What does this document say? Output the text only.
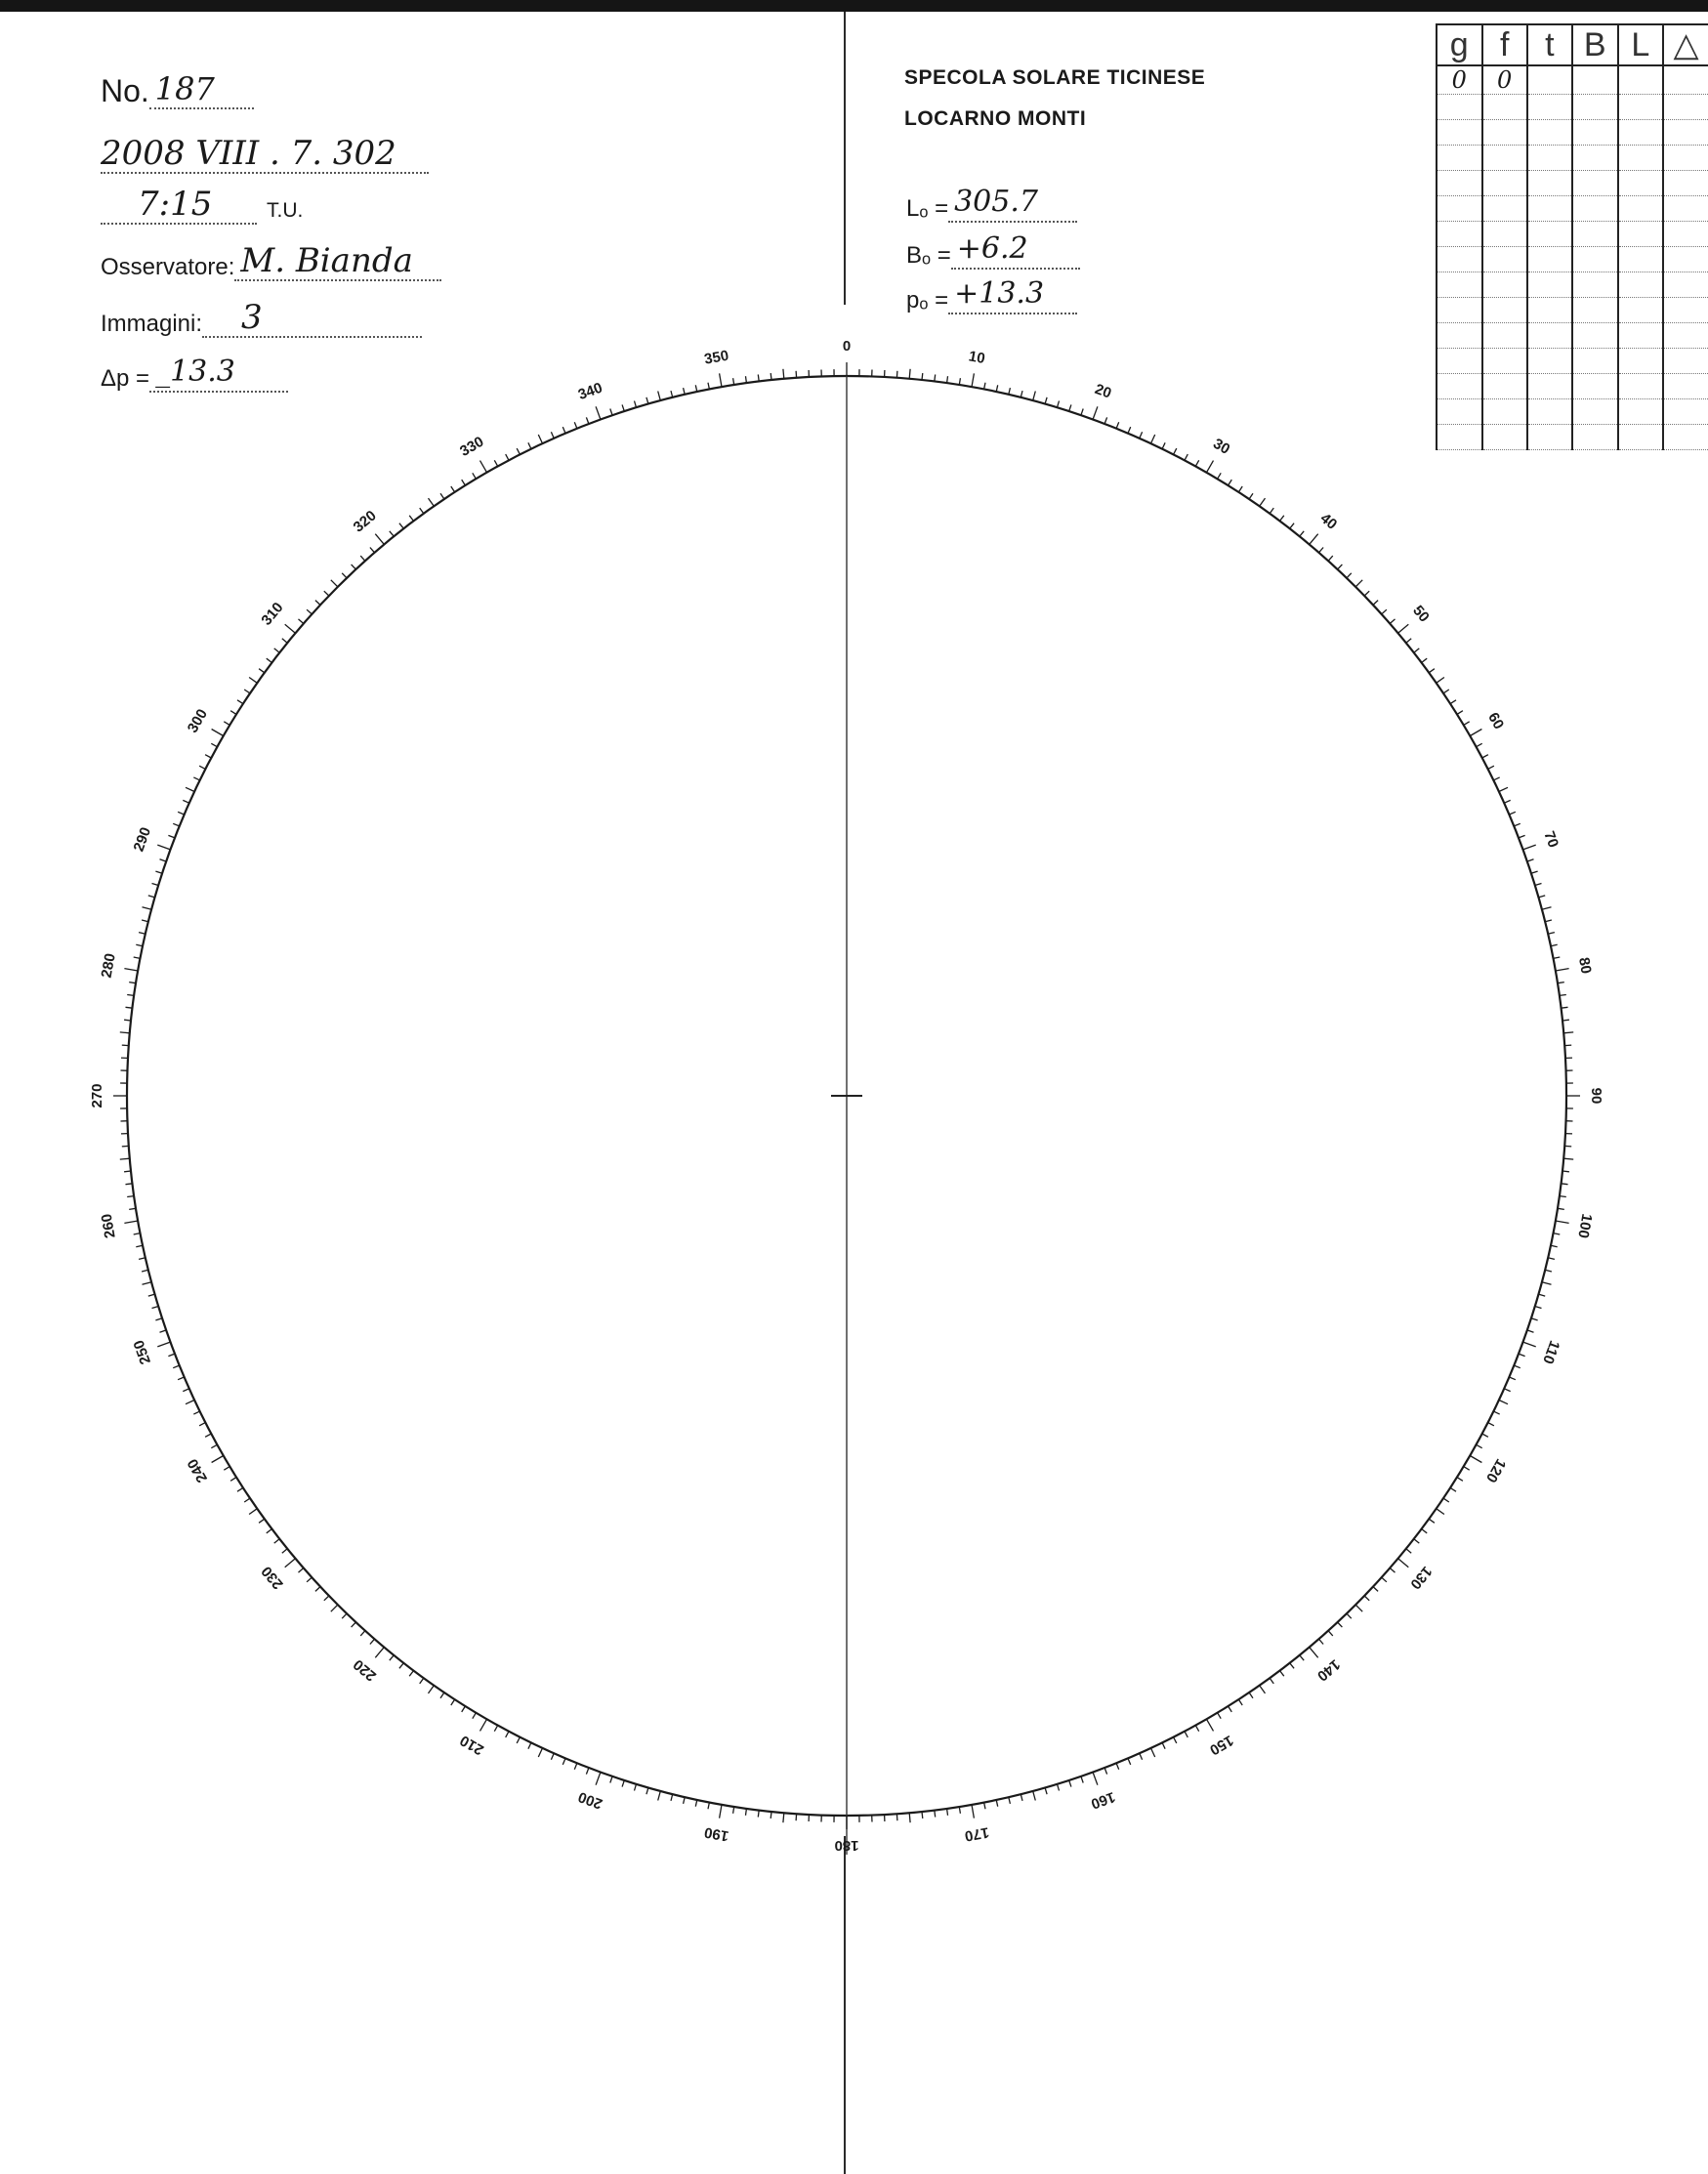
No. 187
2008 VIII . 7. 302
7:15	T.U.
Osservatore: M. Bianda
Immagini:	3
Δp = _13.3
SPECOLA SOLARE TICINESE
LOCARNO MONTI
Lₒ = 305.7
Bₒ = +6.2
pₒ = +13.3
g	f	t	B	L	△
0	0				

0
10
20
30
40
50
60
70
80
90
100
110
120
130
140
150
160
170
180
190
200
210
220
230
240
250
260
270
280
290
300
310
320
330
340
350
